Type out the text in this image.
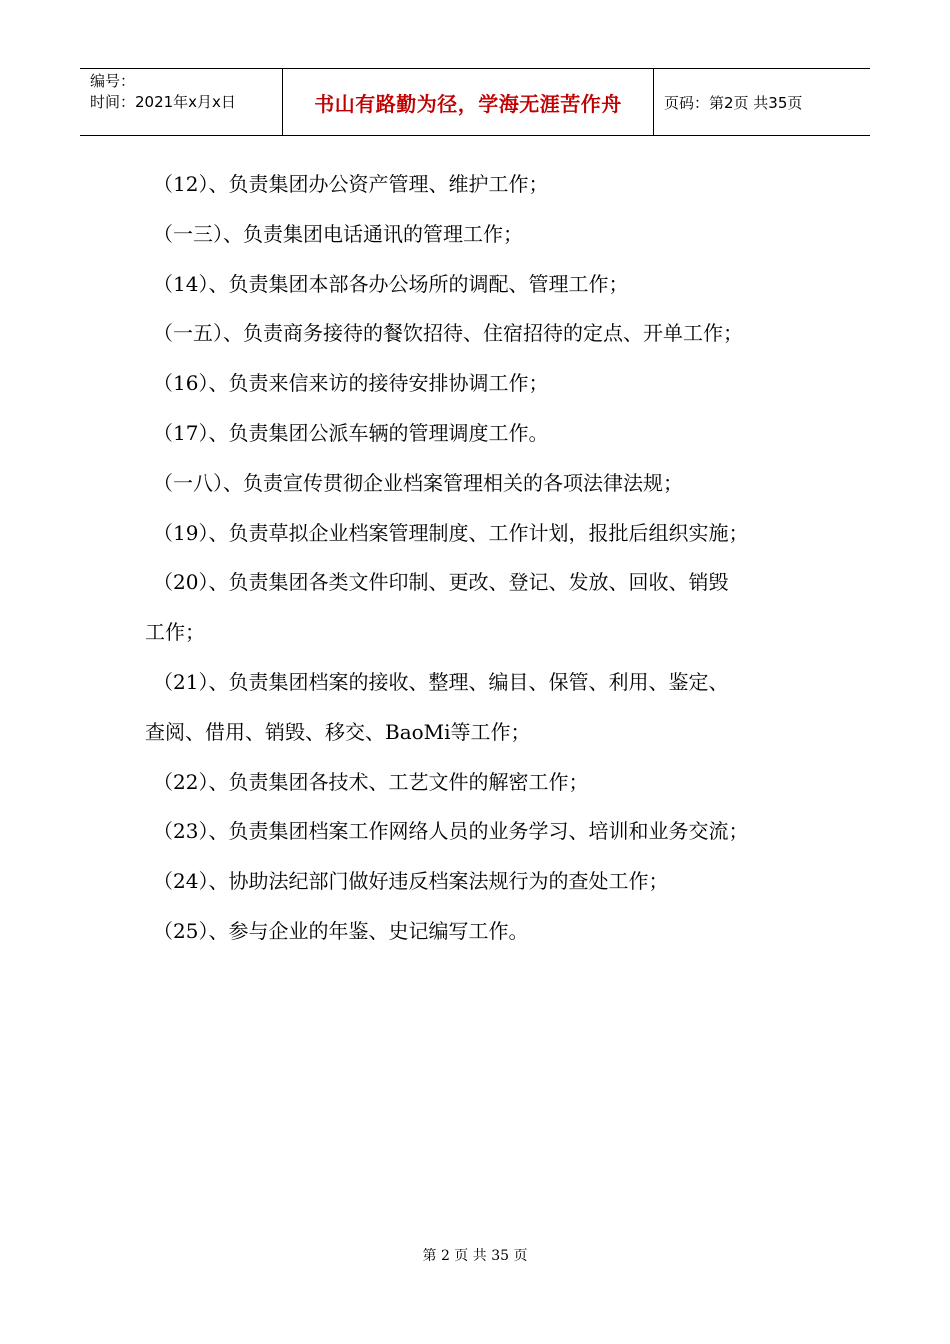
编号：
时间：2021年x月x日	书山有路勤为径，学海无涯苦作舟	页码：第2页 共35页
（12）、负责集团办公资产管理、维护工作；
（一三）、负责集团电话通讯的管理工作；
（14）、负责集团本部各办公场所的调配、管理工作；
（一五）、负责商务接待的餐饮招待、住宿招待的定点、开单工作；
（16）、负责来信来访的接待安排协调工作；
（17）、负责集团公派车辆的管理调度工作。
（一八）、负责宣传贯彻企业档案管理相关的各项法律法规；
（19）、负责草拟企业档案管理制度、工作计划，报批后组织实施；
（20）、负责集团各类文件印制、更改、登记、发放、回收、销毁
工作；
（21）、负责集团档案的接收、整理、编目、保管、利用、鉴定、
查阅、借用、销毁、移交、BaoMi等工作；
（22）、负责集团各技术、工艺文件的解密工作；
（23）、负责集团档案工作网络人员的业务学习、培训和业务交流；
（24）、协助法纪部门做好违反档案法规行为的查处工作；
（25）、参与企业的年鉴、史记编写工作。
第 2 页 共 35 页
